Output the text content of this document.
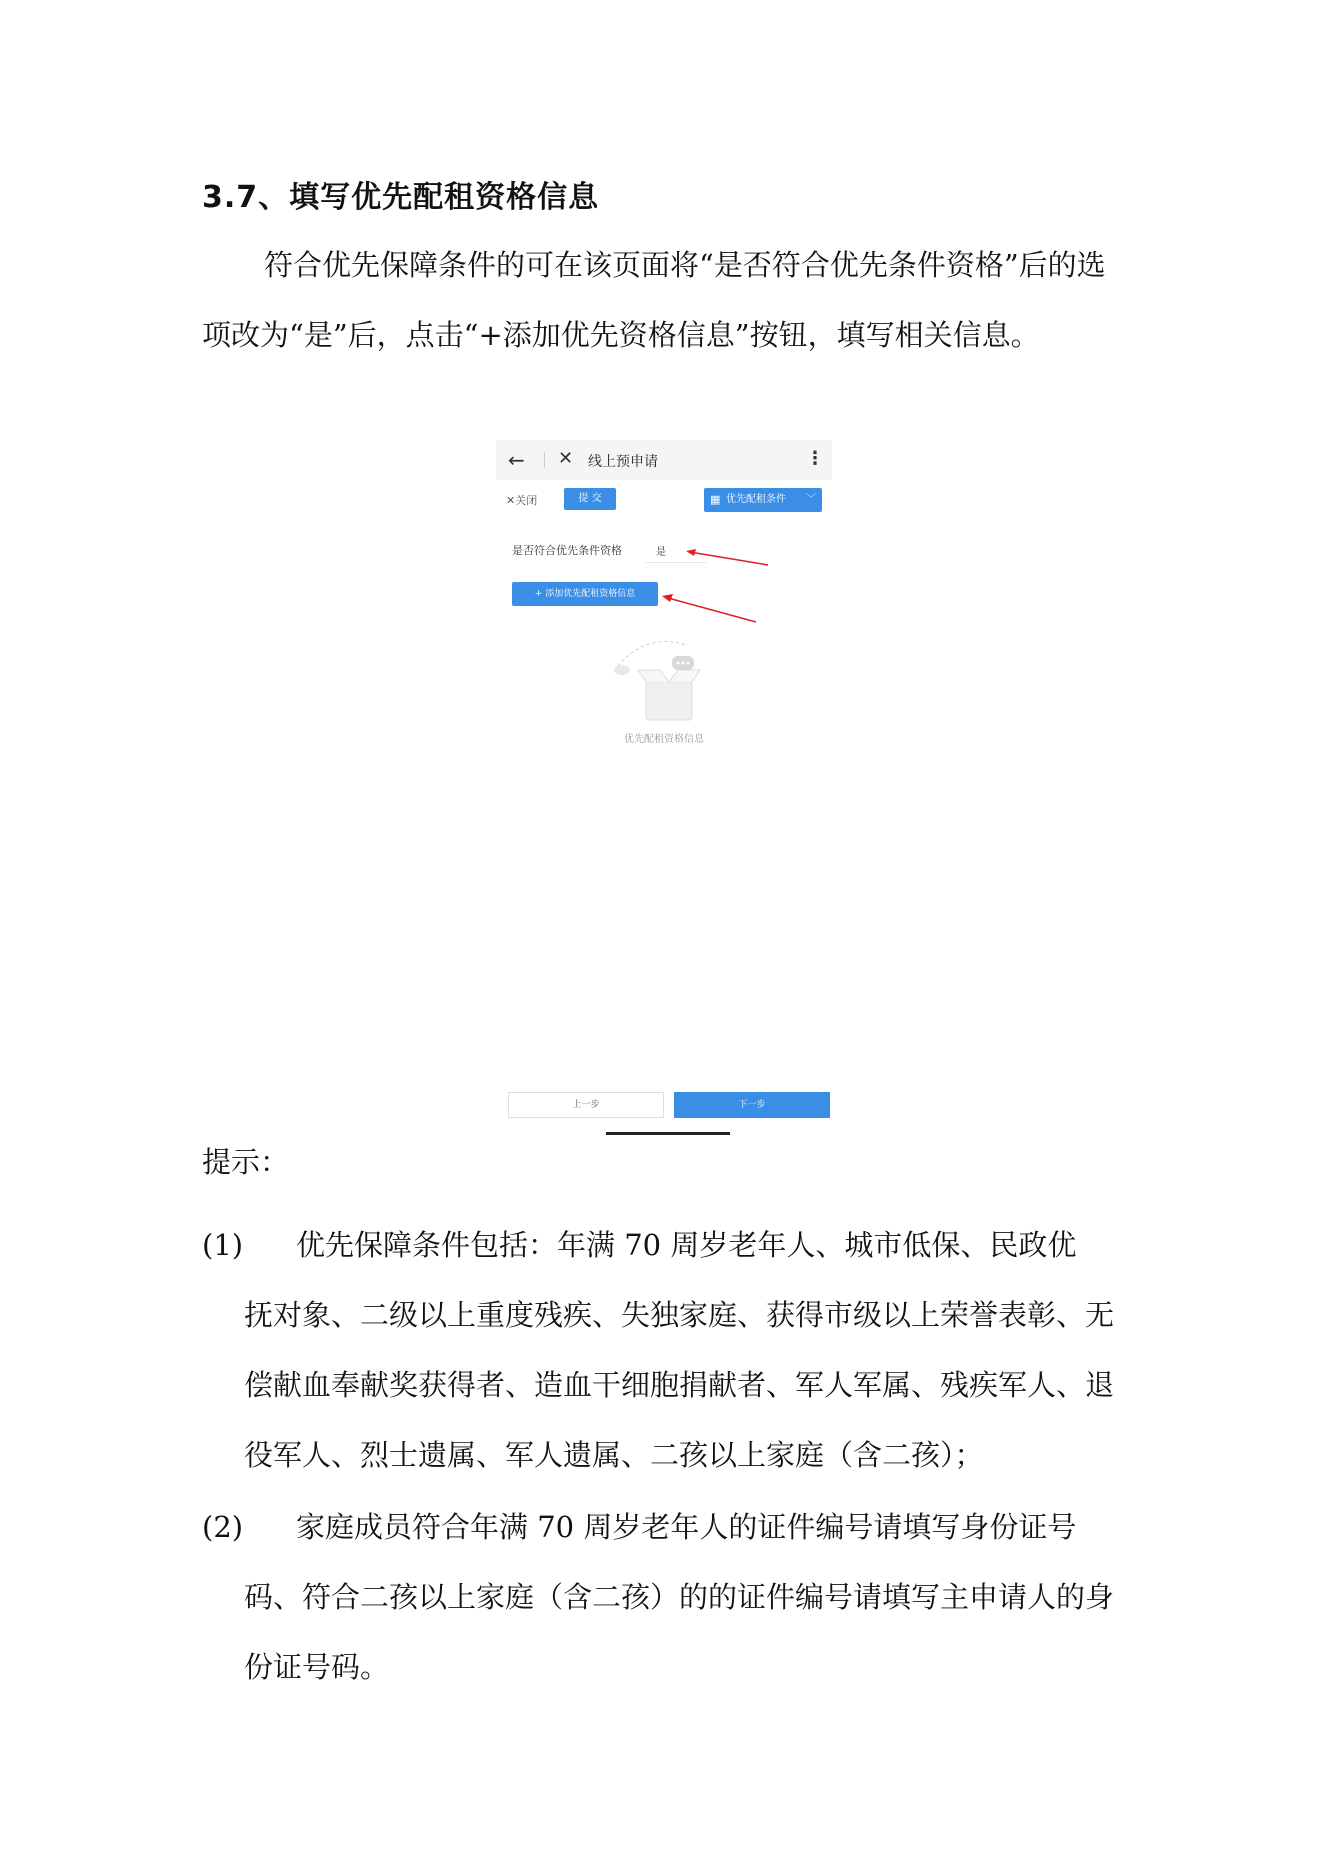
3.7、填写优先配租资格信息
符合优先保障条件的可在该页面将“是否符合优先条件资格”后的选项改为“是”后，点击“+添加优先资格信息”按钮，填写相关信息。
← ✕ 线上预申请	⋮
✕关闭	提 交	▦ 优先配租条件 ﹀
是否符合优先条件资格	是
+ 添加优先配租资格信息
优先配租资格信息
上一步	下一步
提示：
(1)	优先保障条件包括：年满 70 周岁老年人、城市低保、民政优
抚对象、二级以上重度残疾、失独家庭、获得市级以上荣誉表彰、无偿献血奉献奖获得者、造血干细胞捐献者、军人军属、残疾军人、退役军人、烈士遗属、军人遗属、二孩以上家庭（含二孩）；
(2)	家庭成员符合年满 70 周岁老年人的证件编号请填写身份证号
码、符合二孩以上家庭（含二孩）的的证件编号请填写主申请人的身份证号码。
